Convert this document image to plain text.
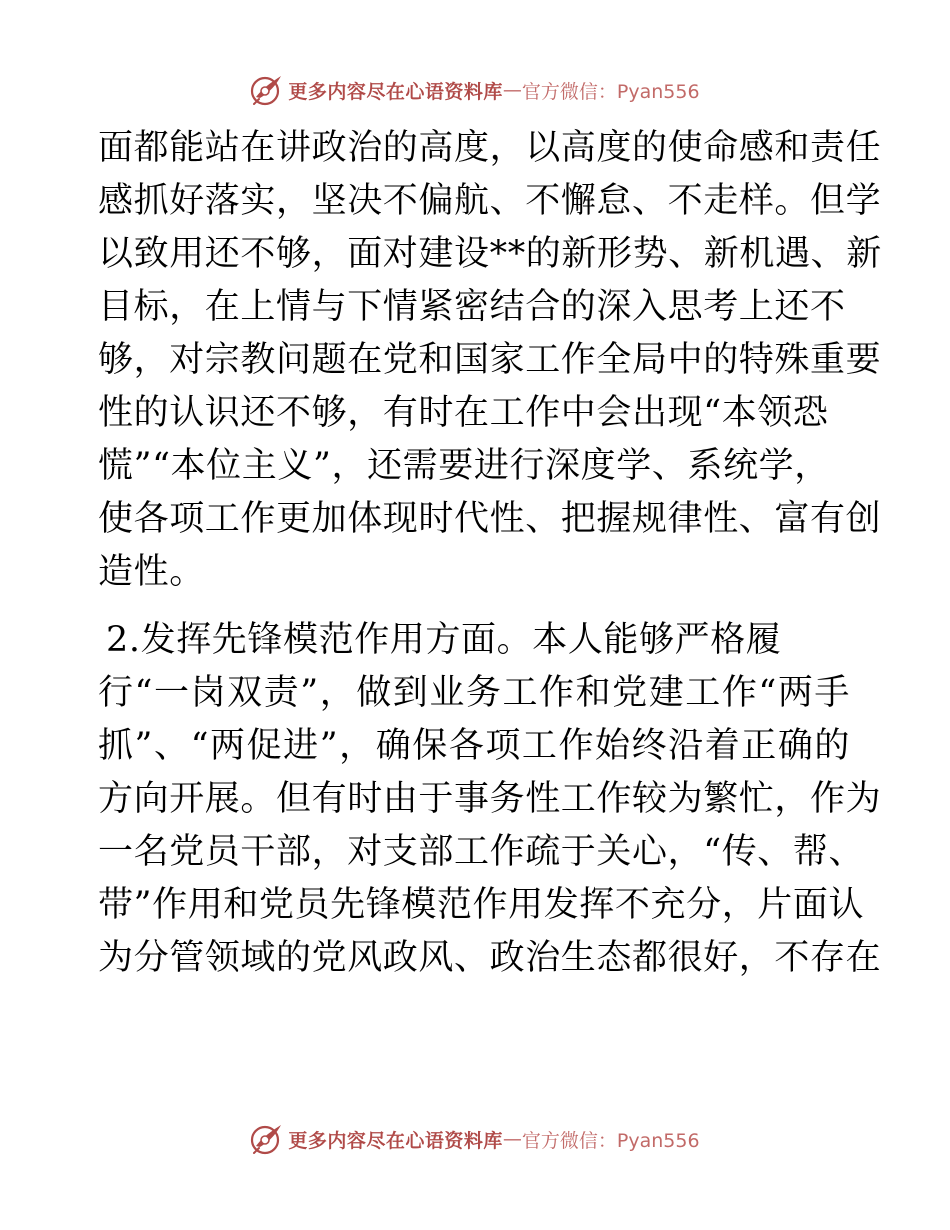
更多内容尽在心语资料库 — 官方微信：Pyan556
面都能站在讲政治的高度，以高度的使命感和责任
感抓好落实，坚决不偏航、不懈怠、不走样。但学
以致用还不够，面对建设**的新形势、新机遇、新
目标，在上情与下情紧密结合的深入思考上还不
够，对宗教问题在党和国家工作全局中的特殊重要
性的认识还不够，有时在工作中会出现“本领恐
慌”“本位主义”，还需要进行深度学、系统学，
使各项工作更加体现时代性、把握规律性、富有创
造性。
2.发挥先锋模范作用方面。本人能够严格履
行“一岗双责”，做到业务工作和党建工作“两手
抓”、“两促进”，确保各项工作始终沿着正确的
方向开展。但有时由于事务性工作较为繁忙，作为
一名党员干部，对支部工作疏于关心，“传、帮、
带”作用和党员先锋模范作用发挥不充分，片面认
为分管领域的党风政风、政治生态都很好，不存在
更多内容尽在心语资料库 — 官方微信：Pyan556
